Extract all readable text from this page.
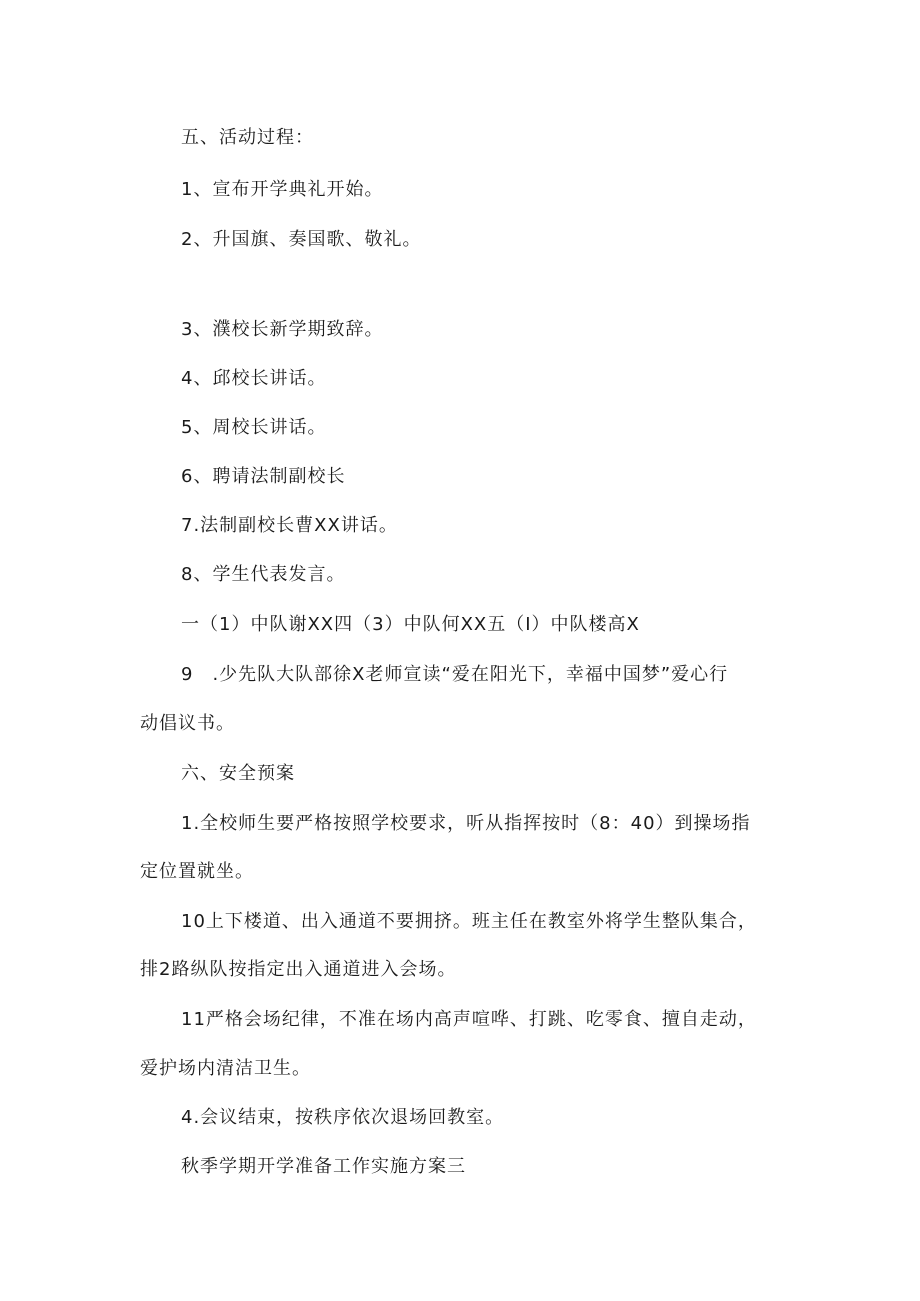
五、活动过程：
1、宣布开学典礼开始。
2、升国旗、奏国歌、敬礼。
3、濮校长新学期致辞。
4、邱校长讲话。
5、周校长讲话。
6、聘请法制副校长
7.法制副校长曹XX讲话。
8、学生代表发言。
一（1）中队谢XX四（3）中队何XX五（I）中队楼高X
9　.少先队大队部徐X老师宣读“爱在阳光下，幸福中国梦”爱心行
动倡议书。
六、安全预案
1.全校师生要严格按照学校要求，听从指挥按时（8：40）到操场指
定位置就坐。
10上下楼道、出入通道不要拥挤。班主任在教室外将学生整队集合，
排2路纵队按指定出入通道进入会场。
11严格会场纪律，不准在场内高声喧哗、打跳、吃零食、擅自走动，
爱护场内清洁卫生。
4.会议结束，按秩序依次退场回教室。
秋季学期开学准备工作实施方案三
